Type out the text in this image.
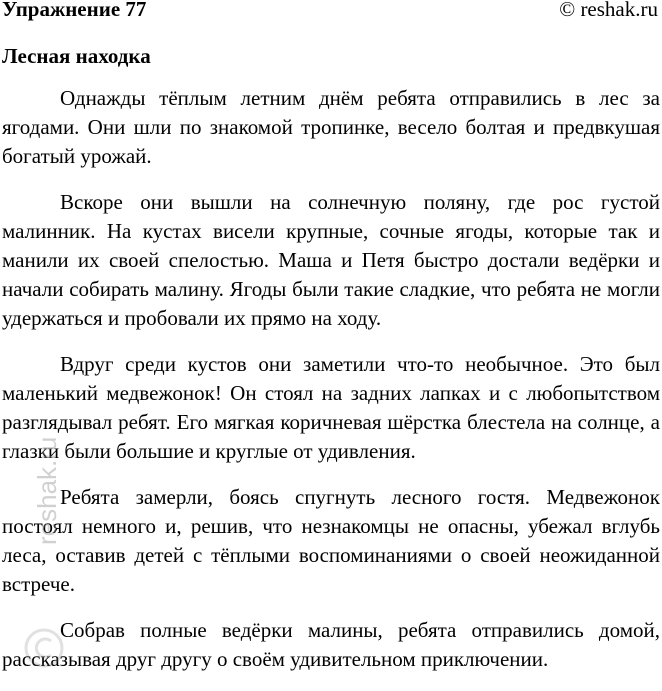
Упражнение 77	© reshak.ru
Лесная находка

Однажды тёплым летним днём ребята отправились в лес за ягодами. Они шли по знакомой тропинке, весело болтая и предвкушая богатый урожай.

Вскоре они вышли на солнечную поляну, где рос густой малинник. На кустах висели крупные, сочные ягоды, которые так и манили их своей спелостью. Маша и Петя быстро достали ведёрки и начали собирать малину. Ягоды были такие сладкие, что ребята не могли удержаться и пробовали их прямо на ходу.

Вдруг среди кустов они заметили что-то необычное. Это был маленький медвежонок! Он стоял на задних лапках и с любопытством разглядывал ребят. Его мягкая коричневая шёрстка блестела на солнце, а глазки были большие и круглые от удивления.

Ребята замерли, боясь спугнуть лесного гостя. Медвежонок постоял немного и, решив, что незнакомцы не опасны, убежал вглубь леса, оставив детей с тёплыми воспоминаниями о своей неожиданной встрече.

Собрав полные ведёрки малины, ребята отправились домой, рассказывая друг другу о своём удивительном приключении.

reshak.ru
